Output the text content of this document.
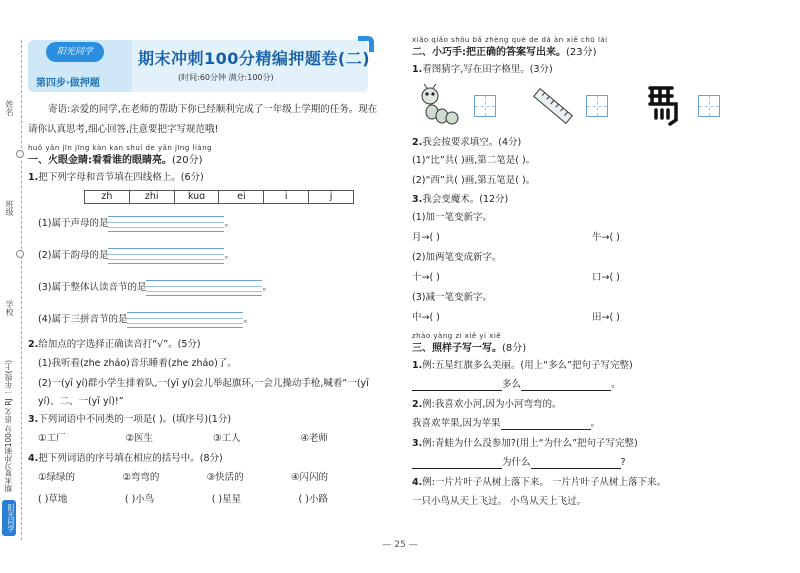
姓名
班级
学校
期末复习冲刺100分 语文 RJ 一年级(上)
阳光同学
阳光同学
第四步·做押题
期末冲刺100分精编押题卷(二)
(时间:60分钟 满分:100分)

寄语:亲爱的同学,在老师的帮助下你已经顺利完成了一年级上学期的任务。现在请你认真思考,细心回答,注意要把字写规范哦!

huǒ yǎn jīn jīng kàn kan shuí de yǎn jīng liàng
一、火眼金睛:看看谁的眼睛亮。(20分)
1.把下列字母和音节填在四线格上。(6分)
zh	zhi	kuɑ	ei	i	j
(1)属于声母的是	。
(2)属于韵母的是	。
(3)属于整体认读音节的是	。
(4)属于三拼音节的是	。
2.给加点的字选择正确读音打“√”。(5分)
(1)我听看(zhe zháo)音乐睡着(zhe zháo)了。
(2)一(yī yí)群小学生排着队,一(yī yí)会儿举起旗环,一会儿操动手枪,喊着“一(yī yí)、二、一(yī yí)!”
3.下列词语中不同类的一项是( )。(填序号)(1分)
①工厂	②医生	③工人	④老师
4.把下列词语的序号填在相应的括号中。(8分)
①绿绿的	②弯弯的	③快活的	④闪闪的
( )草地	( )小鸟	( )星星	( )小路
xiǎo qiǎo shǒu bǎ zhèng què de dá àn xiě chū lái
二、小巧手:把正确的答案写出来。(23分)
1.看图猜字,写在田字格里。(3分)
2.我会按要求填空。(4分)
(1)“比”共( )画,第二笔是( )。
(2)“西”共( )画,第五笔是( )。
3.我会变魔术。(12分)
(1)加一笔变新字。
月→( )	牛→( )
(2)加两笔变成新字。
十→( )	口→( )
(3)减一笔变新字。
中→( )	田→( )
zhào yàng zi xiě yi xiě
三、照样子写一写。(8分)
1.例:五星红旗多么美丽。(用上“多么”把句子写完整)
多么	。
2.例:我喜欢小河,因为小河弯弯的。
我喜欢苹果,因为苹果	。
3.例:青蛙为什么没参加?(用上“为什么”把句子写完整)
为什么	?
4.例:一片片叶子从树上落下来。 一片片叶子从树上落下来。
一只小鸟从天上飞过。 小鸟从天上飞过。
— 25 —
